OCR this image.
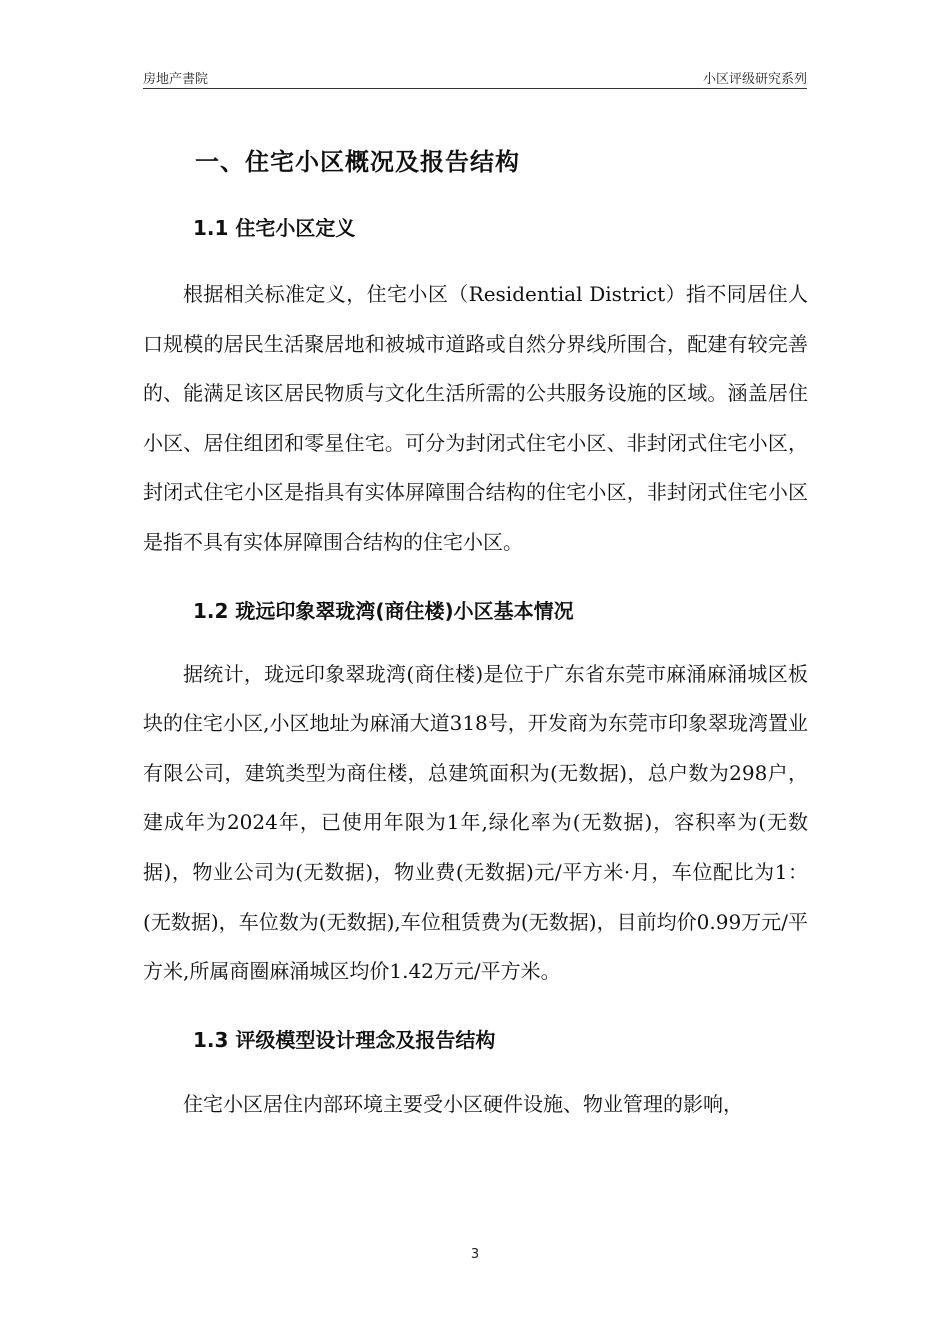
房地产書院	小区评级研究系列
一、住宅小区概况及报告结构
1.1 住宅小区定义

根据相关标准定义，住宅小区（Residential District）指不同居住人口规模的居民生活聚居地和被城市道路或自然分界线所围合，配建有较完善的、能满足该区居民物质与文化生活所需的公共服务设施的区域。涵盖居住小区、居住组团和零星住宅。可分为封闭式住宅小区、非封闭式住宅小区，封闭式住宅小区是指具有实体屏障围合结构的住宅小区，非封闭式住宅小区是指不具有实体屏障围合结构的住宅小区。

1.2 珑远印象翠珑湾(商住楼)小区基本情况

据统计，珑远印象翠珑湾(商住楼)是位于广东省东莞市麻涌麻涌城区板块的住宅小区,小区地址为麻涌大道318号，开发商为东莞市印象翠珑湾置业有限公司，建筑类型为商住楼，总建筑面积为(无数据)，总户数为298户，建成年为2024年，已使用年限为1年,绿化率为(无数据)，容积率为(无数据)，物业公司为(无数据)，物业费(无数据)元/平方米·月，车位配比为1：(无数据)，车位数为(无数据),车位租赁费为(无数据)，目前均价0.99万元/平方米,所属商圈麻涌城区均价1.42万元/平方米。

1.3 评级模型设计理念及报告结构

住宅小区居住内部环境主要受小区硬件设施、物业管理的影响，

3
